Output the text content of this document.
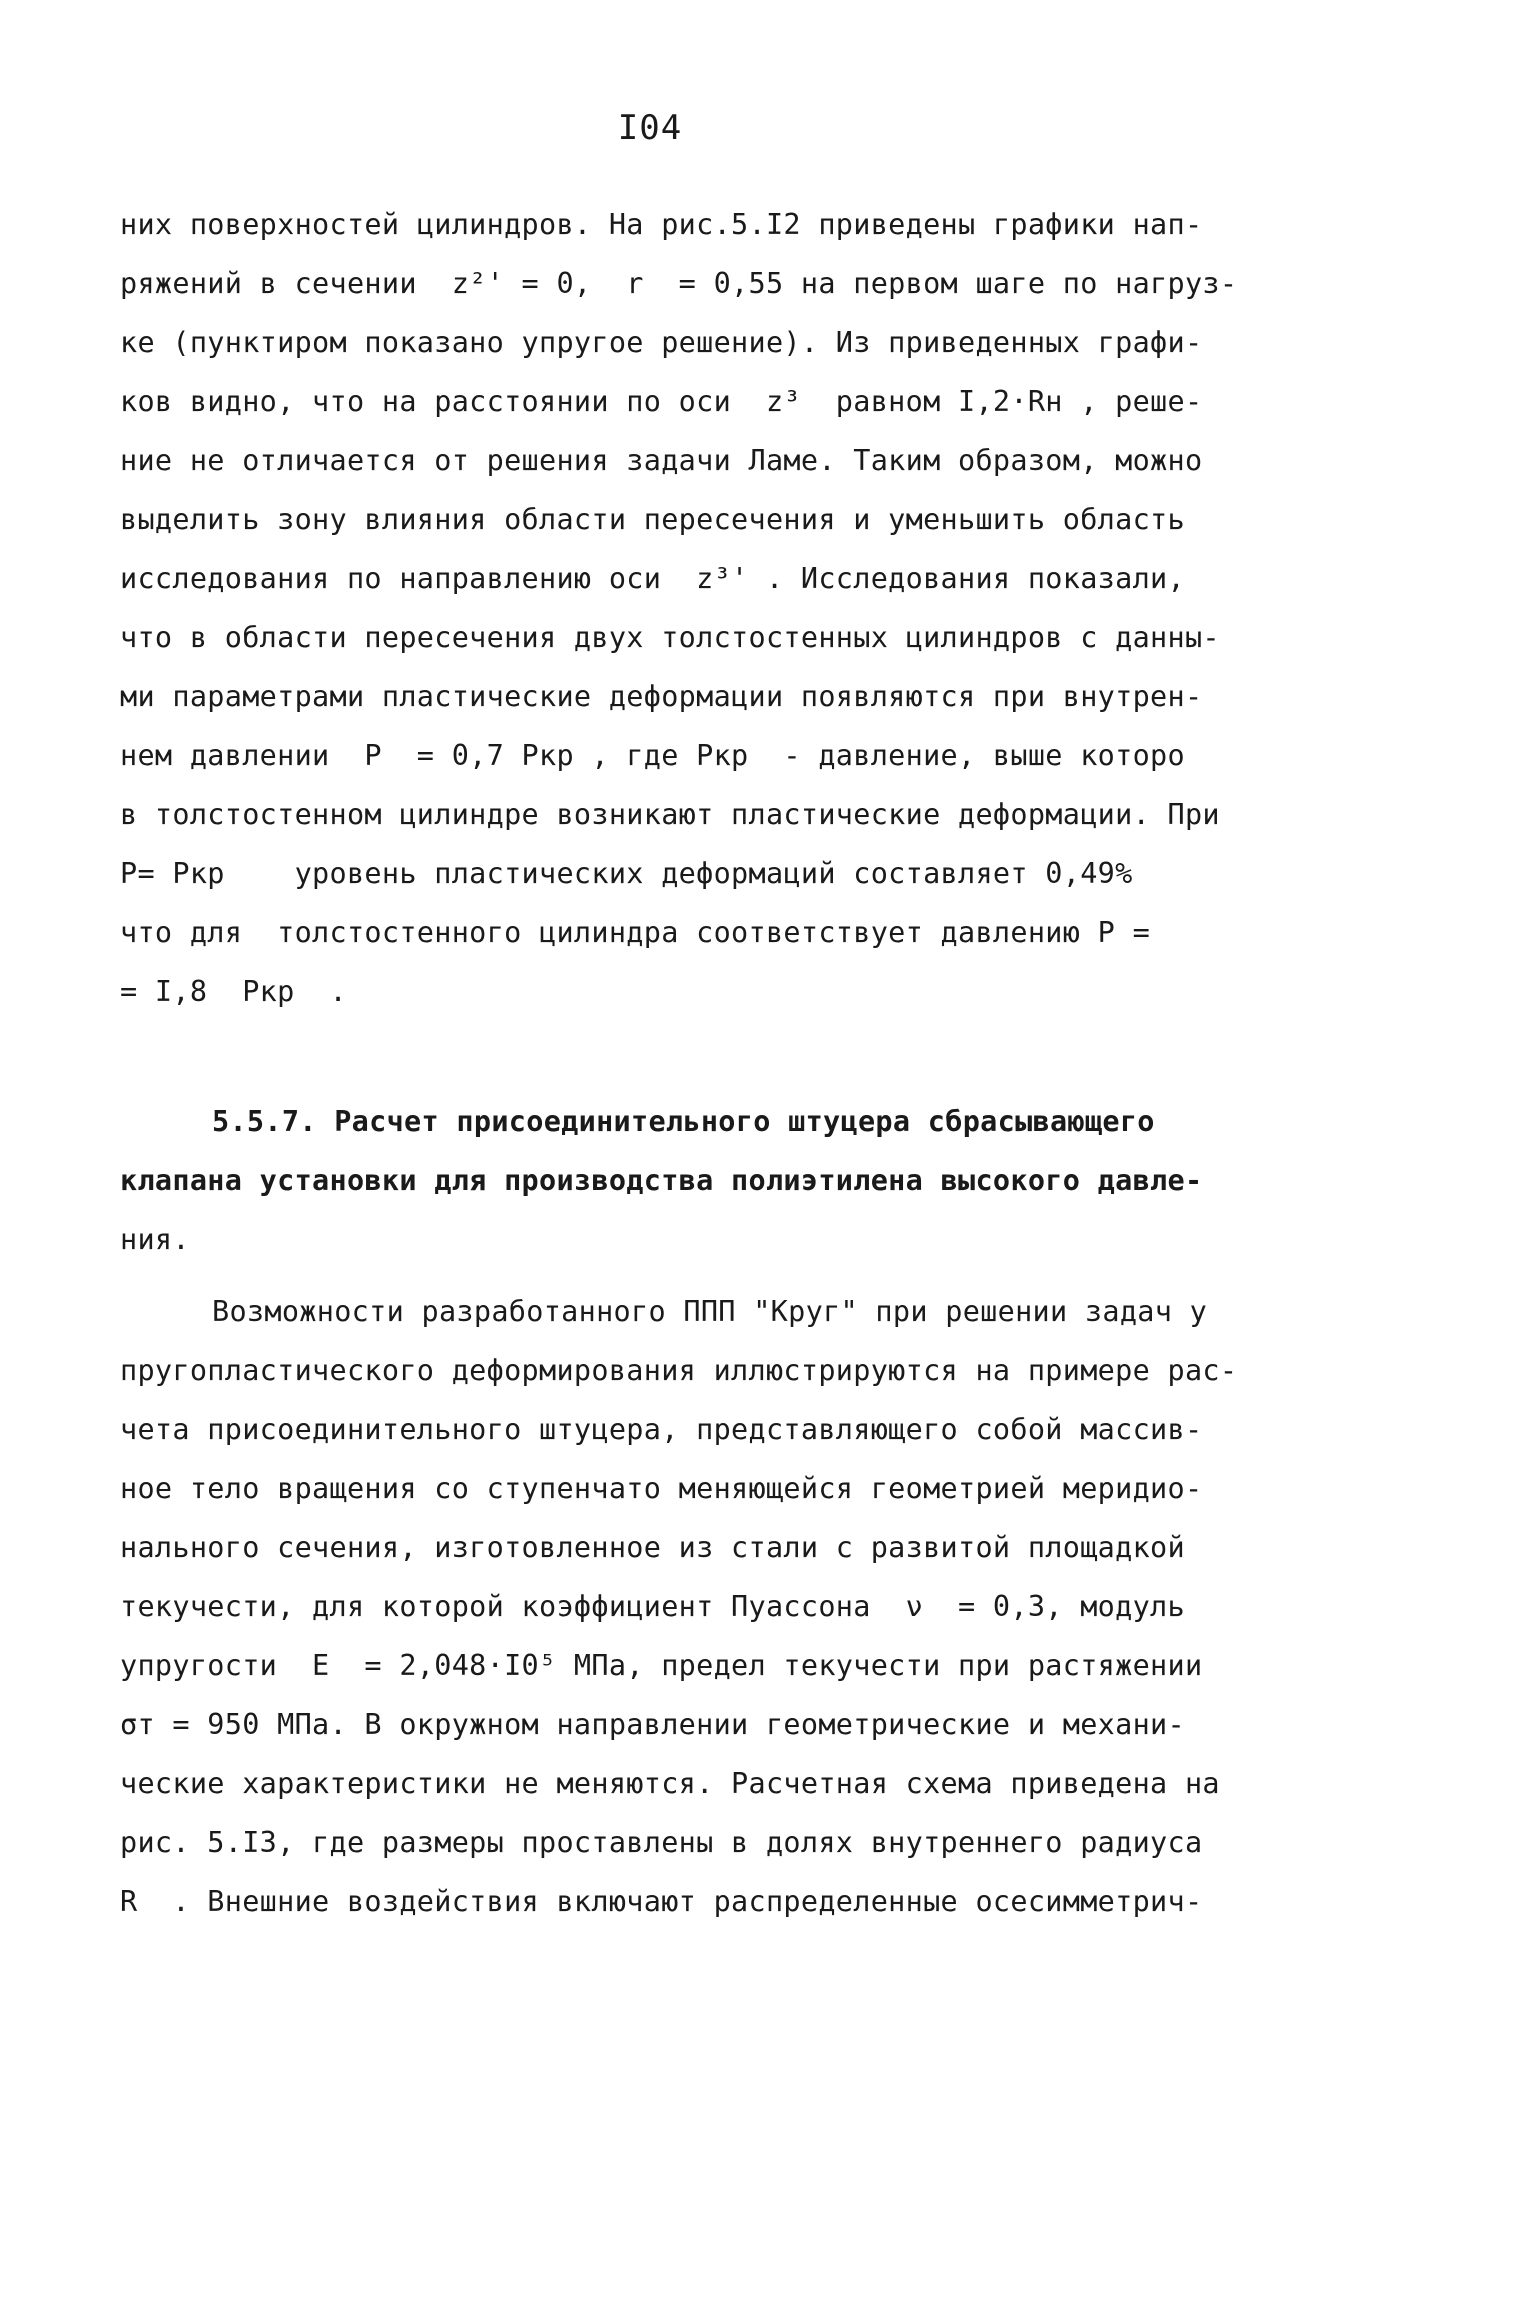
I04
них поверхностей цилиндров. На рис.5.I2 приведены графики нап-
ряжений в сечении  z²' = 0,  r  = 0,55 на первом шаге по нагруз-
ке (пунктиром показано упругое решение). Из приведенных графи-
ков видно, что на расстоянии по оси  z³  равном I,2·Rн , реше-
ние не отличается от решения задачи Ламе. Таким образом, можно
выделить зону влияния области пересечения и уменьшить область
исследования по направлению оси  z³' . Исследования показали,
что в области пересечения двух толстостенных цилиндров с данны-
ми параметрами пластические деформации появляются при внутрен-
нем давлении  P  = 0,7 Pкр , где Pкр  - давление, выше которо
в толстостенном цилиндре возникают пластические деформации. При
P= Pкр    уровень пластических деформаций составляет 0,49%
что для  толстостенного цилиндра соответствует давлению P =
= I,8  Pкр  .
5.5.7. Расчет присоединительного штуцера сбрасывающего
клапана установки для производства полиэтилена высокого давле-
ния.
Возможности разработанного ППП "Круг" при решении задач у
пругопластического деформирования иллюстрируются на примере рас-
чета присоединительного штуцера, представляющего собой массив-
ное тело вращения со ступенчато меняющейся геометрией меридио-
нального сечения, изготовленное из стали с развитой площадкой
текучести, для которой коэффициент Пуассона  ν  = 0,3, модуль
упругости  E  = 2,048·I0⁵ МПа, предел текучести при растяжении
σт = 950 МПа. В окружном направлении геометрические и механи-
ческие характеристики не меняются. Расчетная схема приведена на
рис. 5.I3, где размеры проставлены в долях внутреннего радиуса
R  . Внешние воздействия включают распределенные осесимметрич-
